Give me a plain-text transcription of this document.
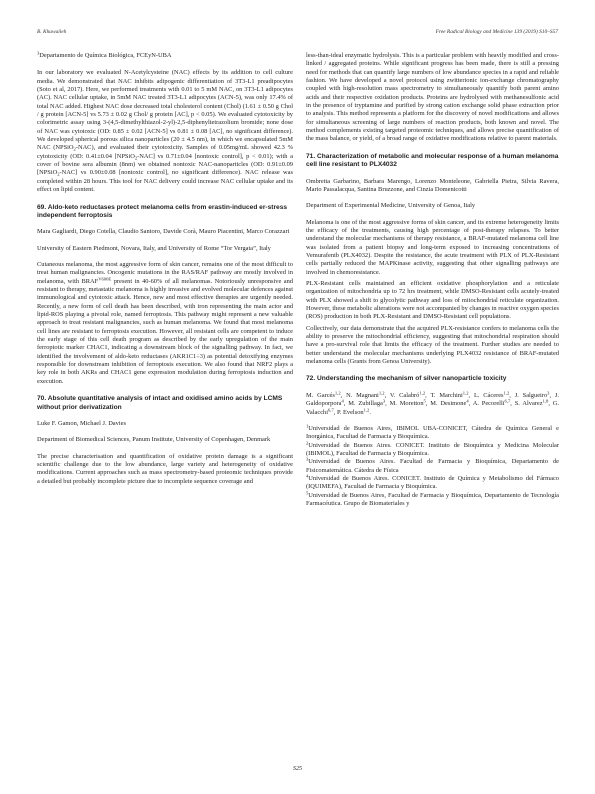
B. Khuwaileh	Free Radical Biology and Medicine 139 (2019) S10–S57

$^3$Departamento de Química Biológica, FCEyN-UBA

In our laboratory we evaluated N-Acetylcysteine (NAC) effects by its addition to cell culture media. We demonstrated that NAC inhibits adipogenic differentiation of 3T3-L1 preadipocytes (Soto et al, 2017). Here, we performed treatments with 0.01 to 5 mM NAC, on 3T3-L1 adipocytes (AC). NAC cellular uptake, in 5mM NAC treated 3T3-L1 adipocytes (ACN-5), was only 17.4% of total NAC added. Highest NAC dose decreased total cholesterol content (Chol) (1.61 ± 0.50 g Chol / g protein [ACN-5] vs 5.73 ± 0.02 g Chol/ g protein [AC], p < 0.05). We evaluated cytotoxicity by colorimetric assay using 3-(4,5-dimethylthiazol-2-yl)-2,5-diphenyltetrazolium bromide; none dose of NAC was cytotoxic (OD: 0.85 ± 0.02 [ACN-5] vs 0.81 ± 0.08 [AC], no significant difference). We developed spherical porous silica nanoparticles (20 ± 4.5 nm), in which we encapsulated 5mM NAC (NPSiO$_2$-NAC), and evaluated their cytotoxicity. Samples of 0.05mg/mL showed 42.3 % cytotoxicity (OD: 0.41±0.04 [NPSiO$_2$-NAC] vs 0.71±0.04 [nontoxic control], p < 0.01); with a cover of bovine sera albumin (8nm) we obtained nontoxic NAC-nanoparticles (OD: 0.91±0.09 [NPSiO$_2$-NAC] vs 0.90±0.08 [nontoxic control], no significant difference). NAC release was completed within 28 hours. This tool for NAC delivery could increase NAC cellular uptake and its effect on lipid content.

69. Aldo-keto reductases protect melanoma cells from erastin-induced er-stress independent ferroptosis

Mara Gagliardi, Diego Cotella, Claudio Santoro, Davide Corà, Mauro Piacentini, Marco Corazzari

University of Eastern Piedmont, Novara, Italy, and University of Rome “Tor Vergata”, Italy

Cutaneous melanoma, the most aggressive form of skin cancer, remains one of the most difficult to treat human malignancies. Oncogenic mutations in the RAS/RAF pathway are mostly involved in melanoma, with $BRAF^{V600E}$ present in 40-60% of all melanomas. Notoriously unresponsive and resistant to therapy, metastatic melanoma is highly invasive and evolved molecular defences against immunological and cytotoxic attack. Hence, new and most effective therapies are urgently needed. Recently, a new form of cell death has been described, with iron representing the main actor and lipid-ROS playing a pivotal role, named ferroptosis. This pathway might represent a new valuable approach to treat resistant malignancies, such as human melanoma. We found that most melanoma cell lines are resistant to ferroptosis execution. However, all resistant cells are competent to induce the early stage of this cell death program as described by the early upregulation of the main ferroptotic marker CHAC1, indicating a downstream block of the signalling pathway. In fact, we identified the involvement of aldo-keto reductases (AKR1C1÷3) as potential detoxifying enzymes responsible for downstream inhibition of ferroptosis execution. We also found that NRF2 plays a key role in both AKRs and CHAC1 gene expression modulation during ferroptosis induction and execution.

70. Absolute quantitative analysis of intact and oxidised amino acids by LCMS without prior derivatization

Luke F. Gamon, Michael J. Davies

Department of Biomedical Sciences, Panum Institute, University of Copenhagen, Denmark

The precise characterisation and quantification of oxidative protein damage is a significant scientific challenge due to the low abundance, large variety and heterogeneity of oxidative modifications. Current approaches such as mass spectrometry-based proteomic techniques provide a detailed but probably incomplete picture due to incomplete sequence coverage and

less-than-ideal enzymatic hydrolysis. This is a particular problem with heavily modified and cross-linked / aggregated proteins. While significant progress has been made, there is still a pressing need for methods that can quantify large numbers of low abundance species in a rapid and reliable fashion. We have developed a novel protocol using zwitterionic ion-exchange chromatography coupled with high-resolution mass spectrometry to simultaneously quantify both parent amino acids and their respective oxidation products. Proteins are hydrolysed with methanesulfonic acid in the presence of tryptamine and purified by strong cation exchange solid phase extraction prior to analysis. This method represents a platform for the discovery of novel modifications and allows for simultaneous screening of large numbers of reaction products, both known and novel. The method complements existing targeted proteomic techniques, and allows precise quantification of the mass balance, or yield, of a broad range of oxidative modifications relative to parent materials.

71. Characterization of metabolic and molecular response of a human melanoma cell line resistant to PLX4032

Ombretta Garbarino, Barbara Marengo, Lorenzo Monteleone, Gabriella Pietra, Silvia Ravera, Mario Passalacqua, Santina Bruzzone, and Cinzia Domenicotti

Department of Experimental Medicine, University of Genoa, Italy

Melanoma is one of the most aggressive forms of skin cancer, and its extreme heterogeneity limits the efficacy of the treatments, causing high percentage of post-therapy relapses. To better understand the molecular mechanisms of therapy resistance, a BRAF-mutated melanoma cell line was isolated from a patient biopsy and long-term exposed to increasing concentrations of Vemurafenib (PLX4032). Despite the resistance, the acute treatment with PLX of PLX-Resistant cells partially reduced the MAPKinase activity, suggesting that other signalling pathways are involved in chemoresistance.

PLX-Resistant cells maintained an efficient oxidative phosphorylation and a reticulate organization of mitochondria up to 72 hrs treatment, while DMSO-Resistant cells acutely-treated with PLX showed a shift to glycolytic pathway and loss of mitochondrial reticulate organization. However, these metabolic alterations were not accompanied by changes in reactive oxygen species (ROS) production in both PLX-Resistant and DMSO-Resistant cell populations.

Collectively, our data demonstrate that the acquired PLX-resistance confers to melanoma cells the ability to preserve the mitochondrial efficiency, suggesting that mitochondrial respiration should have a pro-survival role that limits the efficacy of the treatment. Further studies are needed to better understand the molecular mechanisms underlying PLX4032 resistance of BRAF-mutated melanoma cells (Grants from Genoa University).

72. Understanding the mechanism of silver nanoparticle toxicity

M. Garcés$^{1,2}$, N. Magnani$^{1,2}$, V. Calabró$^{1,2}$, T. Marchini$^{1,2}$, L. Cáceres$^{1,2}$, J. Salgueiro$^3$, J. Galdoporpora$^4$, M. Zubillaga$^3$, M. Moretton$^5$, M. Desimone$^4$, A. Pecorelli$^{6,7}$, S. Alvarez$^{1,8}$, G. Valacchi$^{6,7}$, P. Evelson$^{1,2}$.

$^1$Universidad de Buenos Aires, IBIMOL UBA-CONICET, Cátedra de Química General e Inorgánica, Facultad de Farmacia y Bioquímica.

$^2$Universidad de Buenos Aires. CONICET. Instituto de Bioquímica y Medicina Molecular (IBIMOL), Facultad de Farmacia y Bioquímica.

$^3$Universidad de Buenos Aires. Facultad de Farmacia y Bioquímica, Departamento de Fisicomatemática. Cátedra de Física

$^4$Universidad de Buenos Aires. CONICET. Instituto de Química y Metabolismo del Fármaco (IQUIMEFA), Facultad de Farmacia y Bioquímica.

$^5$Universidad de Buenos Aires, Facultad de Farmacia y Bioquímica, Departamento de Tecnología Farmacéutica. Grupo de Biomateriales y

S25
